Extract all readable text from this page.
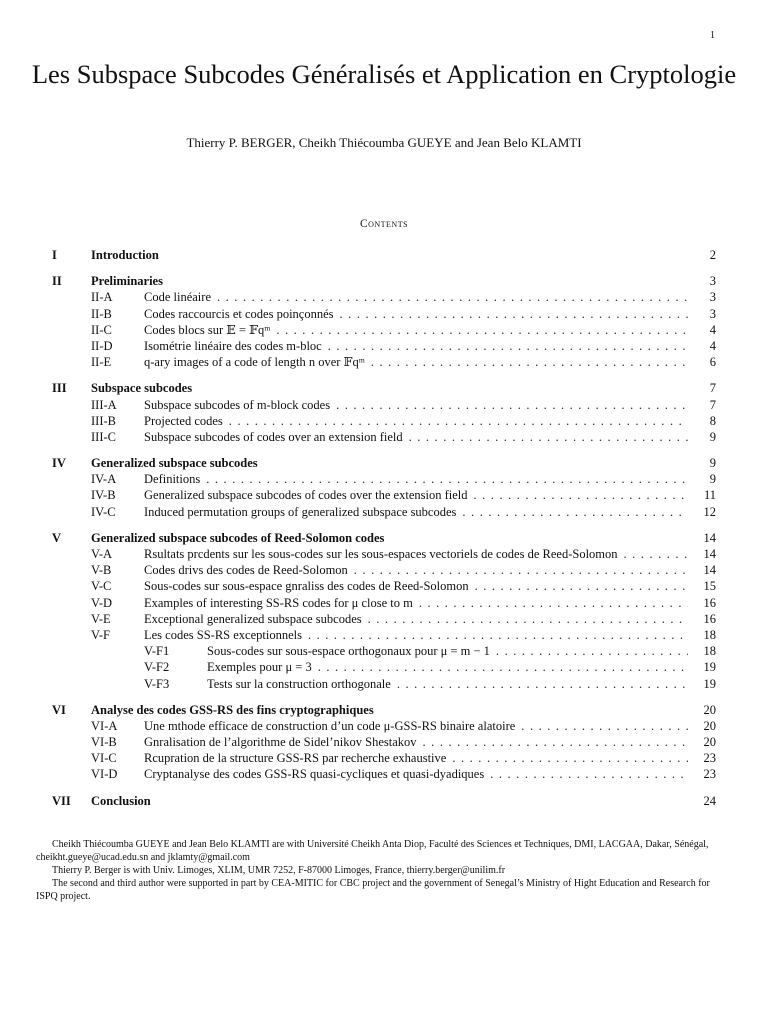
1
Les Subspace Subcodes Généralisés et Application en Cryptologie
Thierry P. BERGER, Cheikh Thiécoumba GUEYE and Jean Belo KLAMTI
Contents
I	Introduction	2
II Preliminaries	3
II-A	Code linéaire . . .	3
II-B	Codes raccourcis et codes poinçonnés . . .	3
II-C	Codes blocs sur 𝔼 = 𝔽qᵐ . . .	4
II-D	Isométrie linéaire des codes m-bloc . . .	4
II-E	q-ary images of a code of length n over 𝔽qᵐ . . .	6
III Subspace subcodes	7
III-A Subspace subcodes of m-block codes . . .	7
III-B Projected codes . . .	8
III-C Subspace subcodes of codes over an extension field . . .	9
IV Generalized subspace subcodes	9
IV-A Definitions . . .	9
IV-B Generalized subspace subcodes of codes over the extension field . . .	11
IV-C Induced permutation groups of generalized subspace subcodes . . .	12
V Generalized subspace subcodes of Reed-Solomon codes	14
V-A	Rsultats prcdents sur les sous-codes sur les sous-espaces vectoriels de codes de Reed-Solomon . . .	14
V-B	Codes drivs des codes de Reed-Solomon . . .	14
V-C	Sous-codes sur sous-espace gnraliss des codes de Reed-Solomon . . .	15
V-D	Examples of interesting SS-RS codes for μ close to m . . .	16
V-E	Exceptional generalized subspace subcodes . . .	16
V-F	Les codes SS-RS exceptionnels . . .	18
V-F1	Sous-codes sur sous-espace orthogonaux pour μ = m − 1 . . .	18
V-F2	Exemples pour μ = 3 . . .	19
V-F3	Tests sur la construction orthogonale . . .	19
VI Analyse des codes GSS-RS des fins cryptographiques	20
VI-A Une mthode efficace de construction d’un code μ-GSS-RS binaire alatoire . . .	20
VI-B Gnralisation de l’algorithme de Sidel’nikov Shestakov . . .	20
VI-C Rcupration de la structure GSS-RS par recherche exhaustive . . .	23
VI-D Cryptanalyse des codes GSS-RS quasi-cycliques et quasi-dyadiques . . .	23
VII Conclusion	24

Cheikh Thiécoumba GUEYE and Jean Belo KLAMTI are with Université Cheikh Anta Diop, Faculté des Sciences et Techniques, DMI, LACGAA, Dakar, Sénégal, cheikht.gueye@ucad.edu.sn and jklamty@gmail.com

Thierry P. Berger is with Univ. Limoges, XLIM, UMR 7252, F-87000 Limoges, France, thierry.berger@unilim.fr

The second and third author were supported in part by CEA-MITIC for CBC project and the government of Senegal’s Ministry of Hight Education and Research for ISPQ project.
